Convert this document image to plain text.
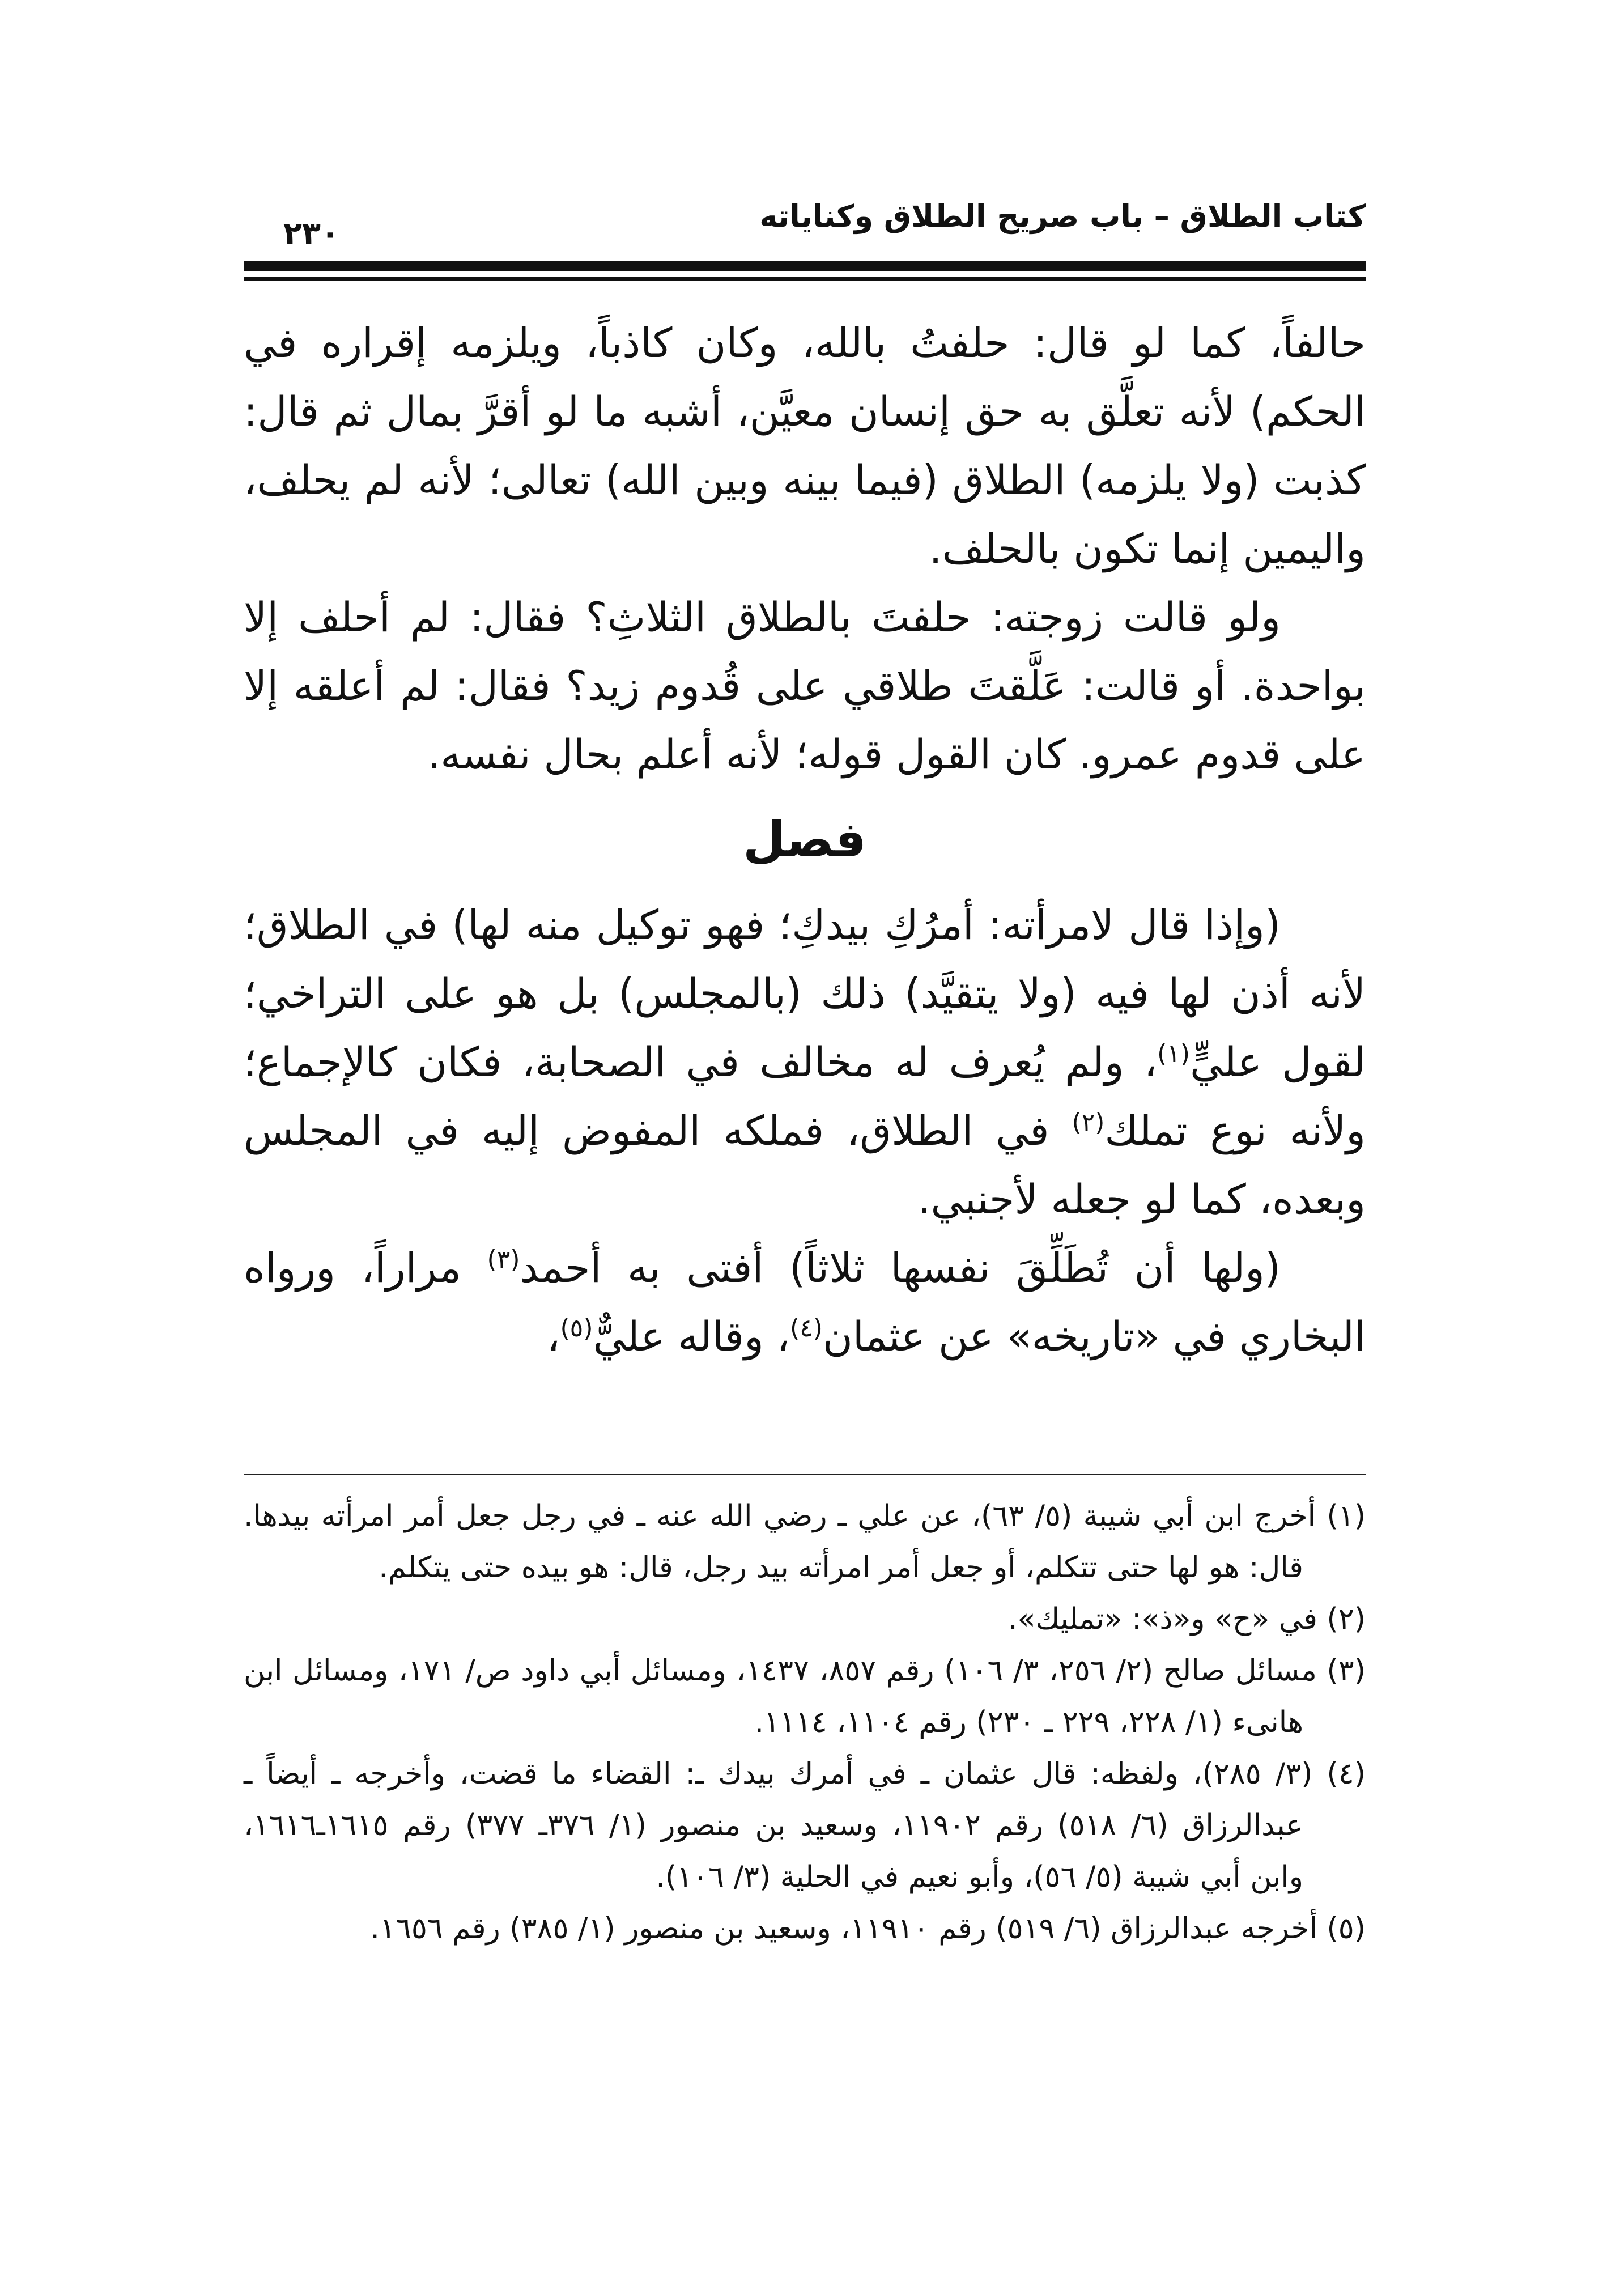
كتاب الطلاق – باب صريح الطلاق وكناياته
٢٣٠

حالفاً، كما لو قال: حلفتُ بالله، وكان كاذباً، ويلزمه إقراره في الحكم) لأنه تعلَّق به حق إنسان معيَّن، أشبه ما لو أقرَّ بمال ثم قال: كذبت (ولا يلزمه) الطلاق (فيما بينه وبين الله) تعالى؛ لأنه لم يحلف، واليمين إنما تكون بالحلف.

ولو قالت زوجته: حلفتَ بالطلاق الثلاثِ؟ فقال: لم أحلف إلا بواحدة. أو قالت: عَلَّقتَ طلاقي على قُدوم زيد؟ فقال: لم أعلقه إلا على قدوم عمرو. كان القول قوله؛ لأنه أعلم بحال نفسه.

فصل

(وإذا قال لامرأته: أمرُكِ بيدكِ؛ فهو توكيل منه لها) في الطلاق؛ لأنه أذن لها فيه (ولا يتقيَّد) ذلك (بالمجلس) بل هو على التراخي؛ لقول عليٍّ$^{(١)}$، ولم يُعرف له مخالف في الصحابة، فكان كالإجماع؛ ولأنه نوع تملك$^{(٢)}$ في الطلاق، فملكه المفوض إليه في المجلس وبعده، كما لو جعله لأجنبي.

(ولها أن تُطَلِّقَ نفسها ثلاثاً) أفتى به أحمد$^{(٣)}$ مراراً، ورواه البخاري في «تاريخه» عن عثمان$^{(٤)}$، وقاله عليٌّ$^{(٥)}$،

(١) أخرج ابن أبي شيبة (٥/ ٦٣)، عن علي ـ رضي الله عنه ـ في رجل جعل أمر امرأته بيدها. قال: هو لها حتى تتكلم، أو جعل أمر امرأته بيد رجل، قال: هو بيده حتى يتكلم.

(٢) في «ح» و«ذ»: «تمليك».

(٣) مسائل صالح (٢/ ٢٥٦، ٣/ ١٠٦) رقم ٨٥٧، ١٤٣٧، ومسائل أبي داود ص/ ١٧١، ومسائل ابن هانىء (١/ ٢٢٨، ٢٢٩ ـ ٢٣٠) رقم ١١٠٤، ١١١٤.

(٤) (٣/ ٢٨٥)، ولفظه: قال عثمان ـ في أمرك بيدك ـ: القضاء ما قضت، وأخرجه ـ أيضاً ـ عبدالرزاق (٦/ ٥١٨) رقم ١١٩٠٢، وسعيد بن منصور (١/ ٣٧٦ـ ٣٧٧) رقم ١٦١٥ـ١٦١٦، وابن أبي شيبة (٥/ ٥٦)، وأبو نعيم في الحلية (٣/ ١٠٦).

(٥) أخرجه عبدالرزاق (٦/ ٥١٩) رقم ١١٩١٠، وسعيد بن منصور (١/ ٣٨٥) رقم ١٦٥٦.
